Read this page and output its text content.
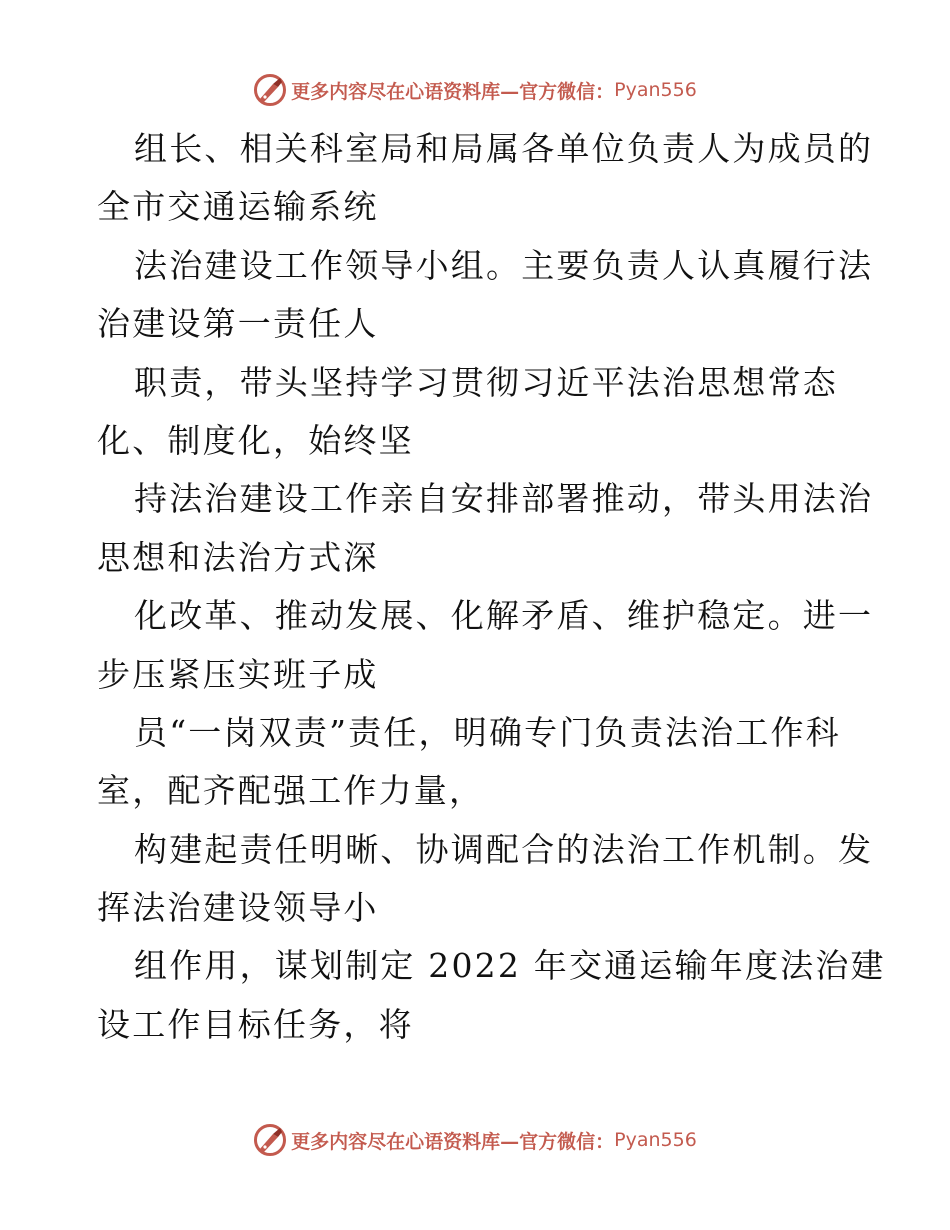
更多内容尽在心语资料库—官方微信： Pyan556
组长、相关科室局和局属各单位负责人为成员的
全市交通运输系统
法治建设工作领导小组。主要负责人认真履行法
治建设第一责任人
职责，带头坚持学习贯彻习近平法治思想常态
化、制度化，始终坚
持法治建设工作亲自安排部署推动，带头用法治
思想和法治方式深
化改革、推动发展、化解矛盾、维护稳定。进一
步压紧压实班子成
员“一岗双责”责任，明确专门负责法治工作科
室，配齐配强工作力量，
构建起责任明晰、协调配合的法治工作机制。发
挥法治建设领导小
组作用，谋划制定 2022 年交通运输年度法治建
设工作目标任务，将
更多内容尽在心语资料库—官方微信： Pyan556
